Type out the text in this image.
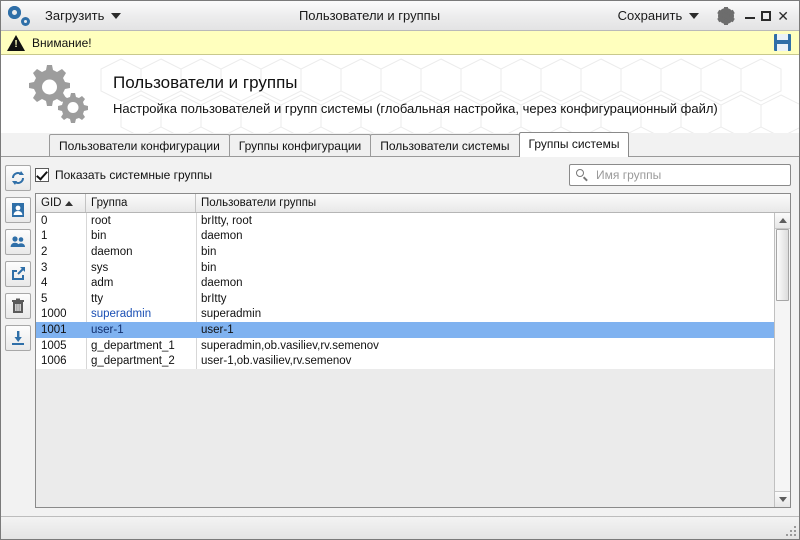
Загрузить	Пользователи и группы	Сохранить	✕
!
Внимание!
Пользователи и группы
Настройка пользователей и групп системы (глобальная настройка, через конфигурационный файл)
Пользователи конфигурации	Группы конфигурации	Пользователи системы	Группы системы
Показать системные группы
Имя группы
GID	Группа	Пользователи группы
0	root	brItty, root
1	bin	daemon
2	daemon	bin
3	sys	bin
4	adm	daemon
5	tty	brItty
1000	superadmin	superadmin
1001	user-1	user-1
1005	g_department_1	superadmin,ob.vasiliev,rv.semenov
1006	g_department_2	user-1,ob.vasiliev,rv.semenov
